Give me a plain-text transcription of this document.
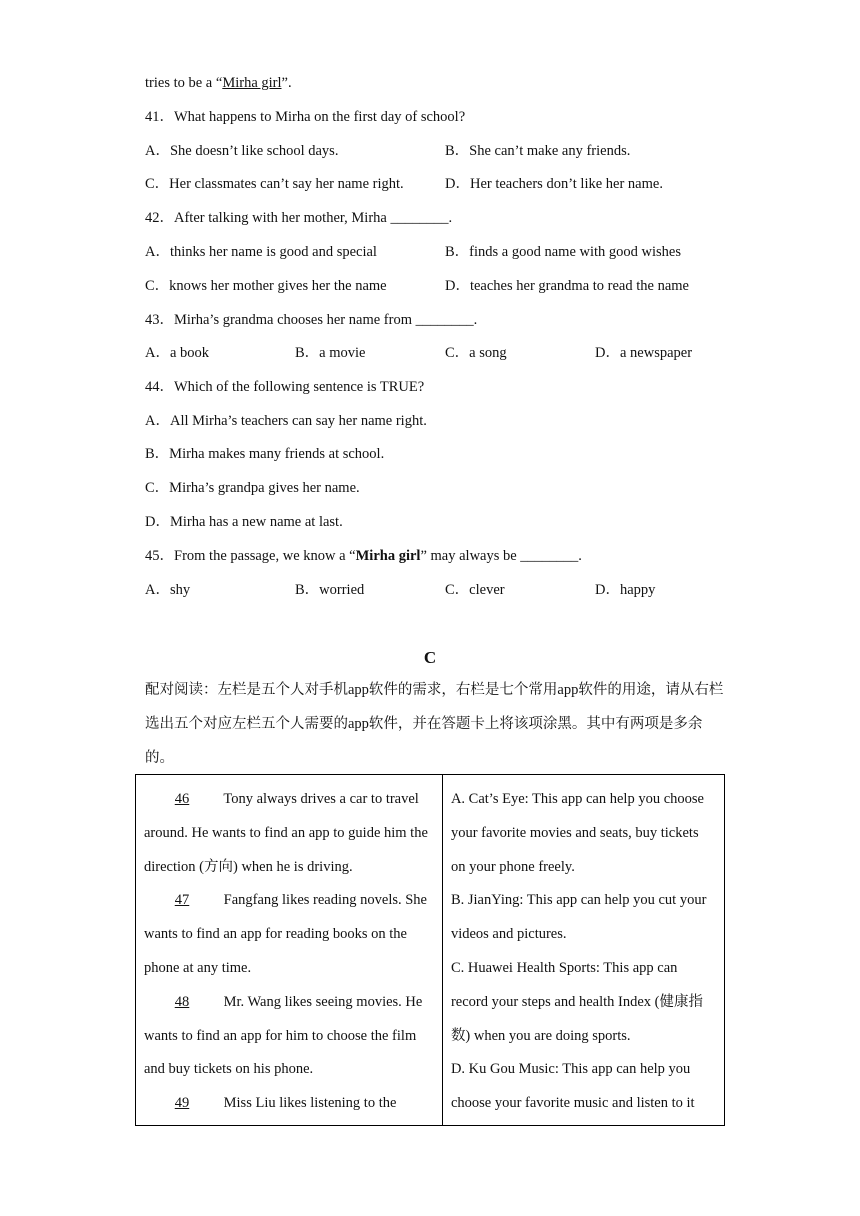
tries to be a “Mirha girl”.
41．What happens to Mirha on the first day of school?
A．She doesn’t like school days.	B．She can’t make any friends.
C．Her classmates can’t say her name right.	D．Her teachers don’t like her name.
42．After talking with her mother, Mirha ________.
A．thinks her name is good and special	B．finds a good name with good wishes
C．knows her mother gives her the name	D．teaches her grandma to read the name
43．Mirha’s grandma chooses her name from ________.
A．a book	B．a movie	C．a song	D．a newspaper
44．Which of the following sentence is TRUE?
A．All Mirha’s teachers can say her name right.
B．Mirha makes many friends at school.
C．Mirha’s grandpa gives her name.
D．Mirha has a new name at last.
45．From the passage, we know a “Mirha girl” may always be ________.
A．shy	B．worried	C．clever	D．happy
C
配对阅读：左栏是五个人对手机app软件的需求，右栏是七个常用app软件的用途，请从右栏选出五个对应左栏五个人需要的app软件，并在答题卡上将该项涂黑。其中有两项是多余的。
46 Tony always drives a car to travel around. He wants to find an app to guide him the direction (方向) when he is driving.
47 Fangfang likes reading novels. She wants to find an app for reading books on the phone at any time.
48 Mr. Wang likes seeing movies. He wants to find an app for him to choose the film and buy tickets on his phone.
49 Miss Liu likes listening to the

A. Cat’s Eye: This app can help you choose your favorite movies and seats, buy tickets on your phone freely.
B. JianYing: This app can help you cut your videos and pictures.
C. Huawei Health Sports: This app can record your steps and health Index (健康指数) when you are doing sports.
D. Ku Gou Music: This app can help you choose your favorite music and listen to it
